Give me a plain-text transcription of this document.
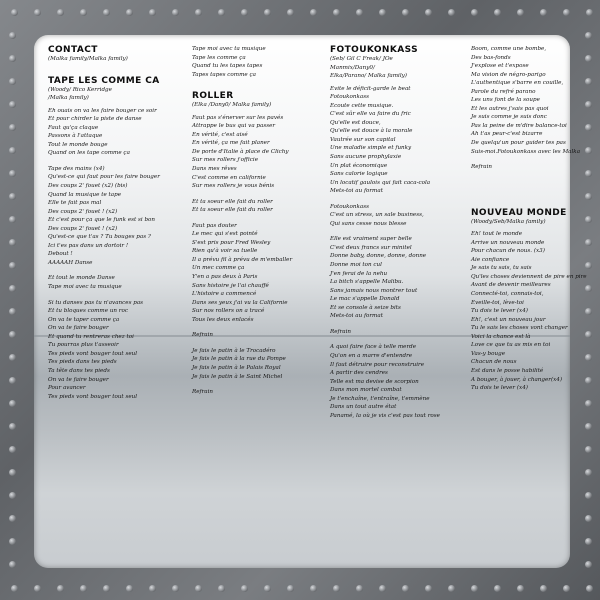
CONTACT

(Malka family/Malka family)

TAPE LES COMME CA

(Woody/ Rico Kerridge

/Malka family)

Eh ouais on va les faire bouger ce soir

Et pour chirder la piste de danse

Faut qu'ça claque

Passons à l'attaque

Tout le monde bouge

Quand on les tape comme ça

Tape des mains (x4)

Qu'est-ce qui faut pour les faire bouger

Des coups 2' fouet (x2) (bis)

Quand la musique te tape

Elle te fait pas mal

Des coups 2' fouet ! (x2)

Et c'est pour ça que le funk est si bon

Des coups 2' fouet ! (x2)

Qu'est-ce que t'as ? Tu bouges pas ?

Ici t'es pas dans un dortoir !

Debout !

AAAAAH Danse

Et tout le monde Danse

Tape moi avec ta musique

Si tu danses pas tu n'avances pas

Et tu bloques comme un roc

On va te taper comme ça

On va te faire bouger

Et quand tu rentreras chez toi

Tu pourras plus t'asseoir

Tes pieds vont bouger tout seul

Tes pieds dans tes pieds

Ta tête dans tes pieds

On va te faire bouger

Pour avancer

Tes pieds vont bouger tout seul

Tape moi avec ta musique

Tape les comme ça

Quand tu les tapes tapes

Tapes tapes comme ça

ROLLER

(Elka /Dany0/ Malka family)

Faut pas s'énerver sur les pavés

Attrappe le bus qui va passer

En vérité, c'est aisé

En vérité, ça me fait planer

De porte d'Italie à place de Clichy

Sur mes rollers j'officie

Dans mes rêves

C'est comme en californie

Sur mes rollers je vous bénis

Et ta soeur elle fait du roller

Et ta soeur elle fait du roller

Faut pas douter

Le mec qui s'est pointé

S'est pris pour Fred Wesley

Rien qu'à voir sa tuelle

Il a prévu fil à prévu de m'emballer

Un mec comme ça

Y'en a pas deux à Paris

Sans histoire je l'ai chauffé

L'histoire a commencé

Dans ses yeux j'ai vu la Californie

Sur nos rollers on a tracé

Tous les deux enlacés

Refrain

Je fais le patin à le Trocadéro

Je fais le patin à la rue du Pompe

Je fais le patin à le Palais Royal

Je fais le patin à le Saint Michel

Refrain

FOTOUKONKASS

(Seb/ Gil C Freak/ JOe

Manmix/Dany0/

Elka/Parano/ Malka family)

Evite le déficit-garde le beat

Fotoukonkass

Ecoute cette musique.

C'est sûr elle va faire du fric

Qu'elle est douce,

Qu'elle est douce à la morale

Vautrée sur son capital

Une maladie simple et funky

Sans aucune prophylaxie

Un plat économique

Sans calorie logique

Un locatif gaulois qui fait caca-cola

Mets-toi au format

Fotoukonkass

C'est un stress, un sale business,

Qui sans cesse nous blesse

Elle est vraiment super belle

C'est deux francs sur minitel

Donne baby, donne, donne, donne

Donne moi ton cul

J'en ferai de la nehu

La bitch s'appelle Malibu.

Sans jamais nous montrer tout

Le mac s'appelle Donald

Et se console à seize bits

Mets-toi au format

Refrain

A quoi faire face à telle merde

Qu'on en a marre d'entendre

Il faut détruire pour reconstruire

A partir des cendres

Telle est ma devise de scorpion

Dans mon mortel combat

Je t'enchaîne, t'entraîne, t'emmène

Dans un tout autre état

Panamé, la où je vis c'est pas tout rose

Boom, comme une bombe,

Des bas-fonds

J'explose et t'expose

Ma vision de négro-parigo

L'authentique s'barre en couille,

Parole du refré parano

Les uns font de la soupe

Et les autres j'sais pas quoi

Je suis comme je suis donc

Pas la peine de m'dire balance-toi

Ah t'as peur-c'est bizarre

De quelqu'un pour guider tes pas

Suis-moi.Fotoukonkass avec les Malka

Refrain

NOUVEAU MONDE

(Woody/Seb/Malka family)

Eh! tout le monde

Arrive un nouveau monde

Pour chacun de nous. (x3)

Aie confiance

Je sais tu sais, tu sais

Qu'les choses deviennent de pire en pire

Avant de devenir meilleures

Connecté-toi, connais-toi,

Eveille-toi, lève-toi

Tu dois te lever (x4)

Eh!, c'est un nouveau jour

Tu le sais les choses vont changer

Voici la chance est là

Love ce que tu as mis en toi

Vas-y bouge

Chacun de nous

Est dans le posse habilité

A bouger, à jouer, à changer(x4)

Tu dois te lever (x4)
